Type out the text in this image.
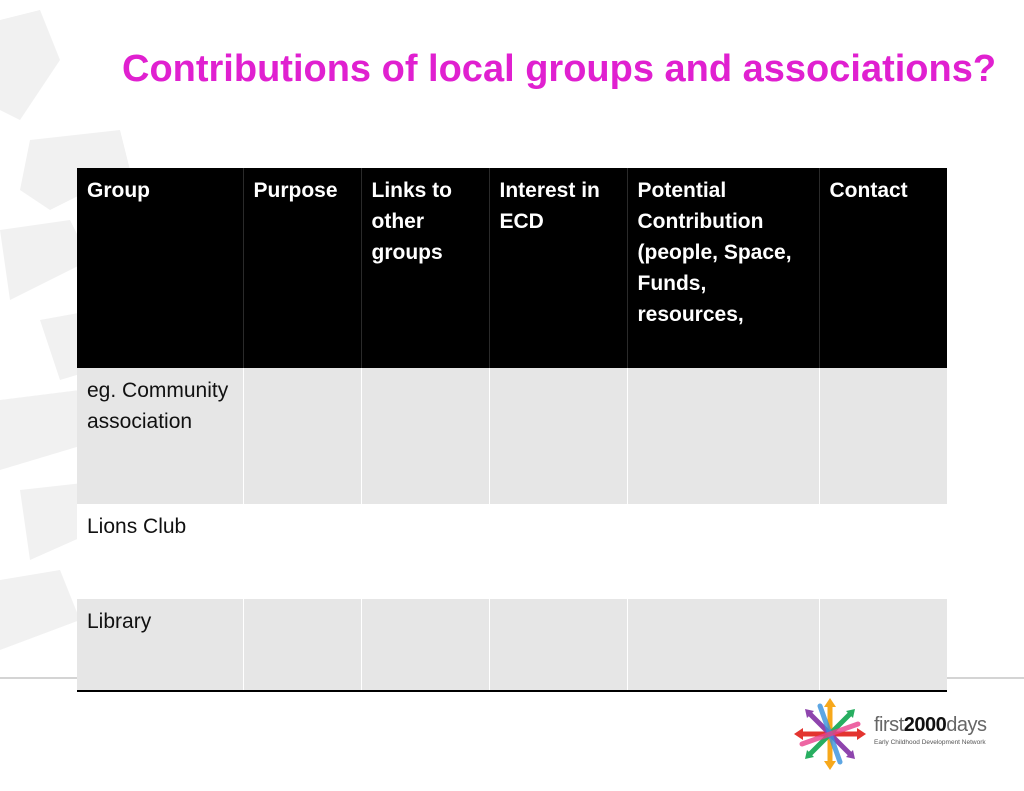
Contributions of local groups and associations?
Group	Purpose	Links to other groups	Interest in ECD	Potential Contribution (people, Space, Funds, resources,	Contact
eg. Community association					
Lions Club					
Library					
first2000days
Early Childhood Development Network
